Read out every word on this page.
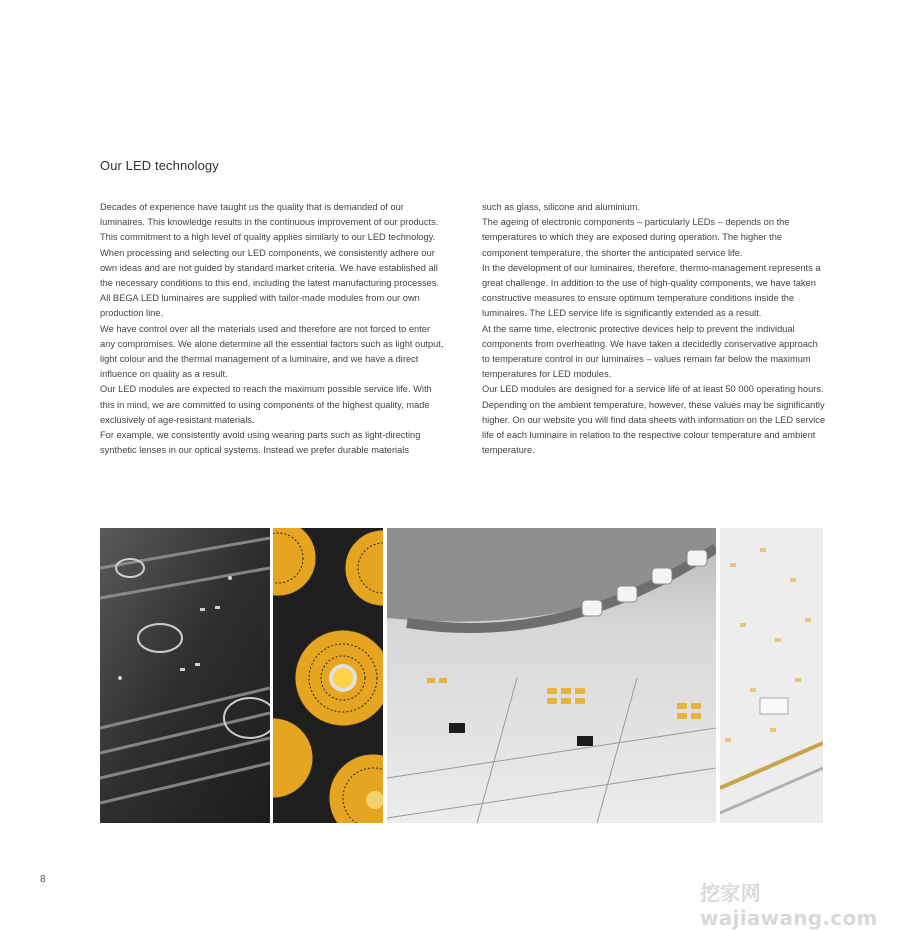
Our LED technology

Decades of experience have taught us the quality that is demanded of our luminaires. This knowledge results in the continuous improvement of our products. This commitment to a high level of quality applies similarly to our LED technology. When processing and selecting our LED components, we consistently adhere our own ideas and are not guided by standard market criteria. We have established all the necessary conditions to this end, including the latest manufacturing processes.

All BEGA LED luminaires are supplied with tailor-made modules from our own production line.

We have control over all the materials used and therefore are not forced to enter any compromises. We alone determine all the essential factors such as light output, light colour and the thermal management of a luminaire, and we have a direct influence on quality as a result.

Our LED modules are expected to reach the maximum possible service life. With this in mind, we are committed to using components of the highest quality, made exclusively of age-resistant materials.

For example, we consistently avoid using wearing parts such as light-directing synthetic lenses in our optical systems. Instead we prefer durable materials

such as glass, silicone and aluminium.

The ageing of electronic components – particularly LEDs – depends on the temperatures to which they are exposed during operation. The higher the component temperature, the shorter the anticipated service life.

In the development of our luminaires, therefore, thermo-management represents a great challenge. In addition to the use of high-quality components, we have taken constructive measures to ensure optimum temperature conditions inside the luminaires. The LED service life is significantly extended as a result.

At the same time, electronic protective devices help to prevent the individual components from overheating. We have taken a decidedly conservative approach to temperature control in our luminaires – values remain far below the maximum temperatures for LED modules.

Our LED modules are designed for a service life of at least 50 000 operating hours. Depending on the ambient temperature, however, these values may be significantly higher. On our website you will find data sheets with information on the LED service life of each luminaire in relation to the respective colour temperature and ambient temperature.

8
挖家网 wajiawang.com
